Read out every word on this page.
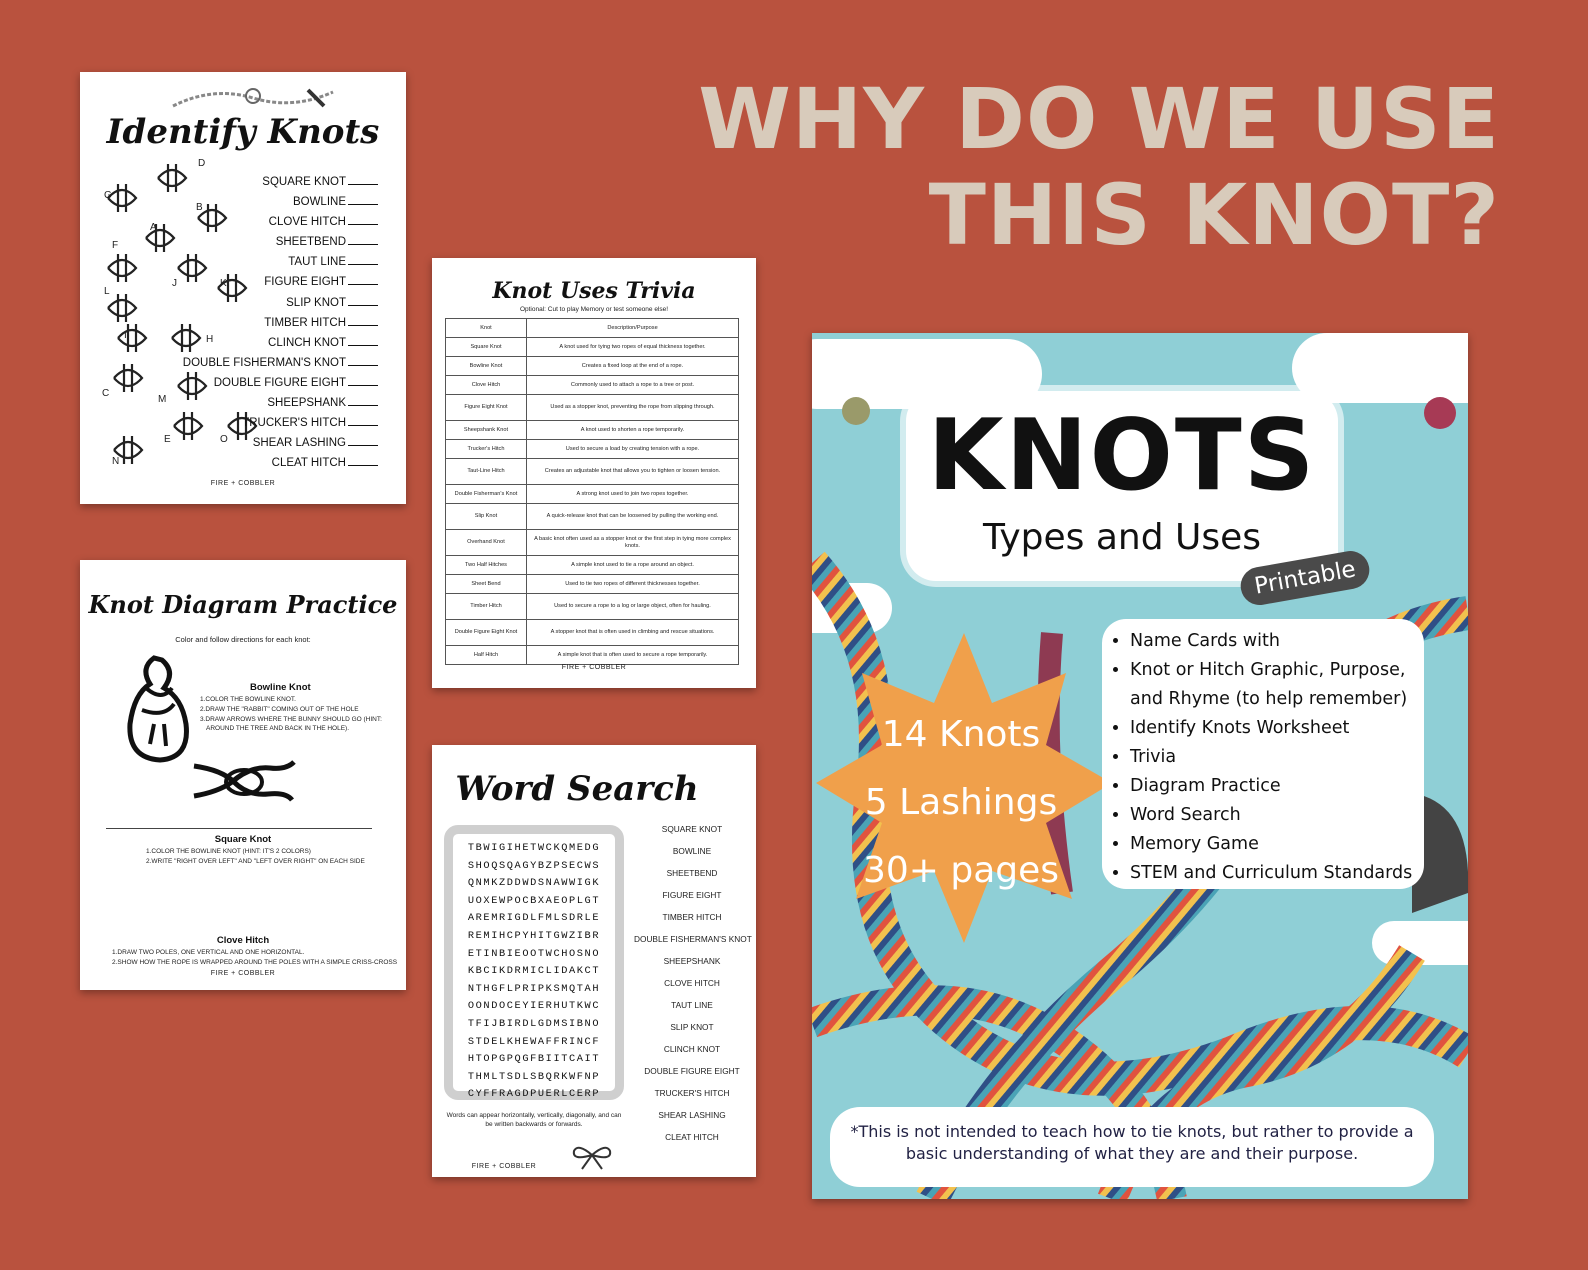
WHY DO WE USE
THIS KNOT?
Identify Knots
SQUARE KNOT
BOWLINE
CLOVE HITCH
SHEETBEND
TAUT LINE
FIGURE EIGHT
SLIP KNOT
TIMBER HITCH
CLINCH KNOT
DOUBLE FISHERMAN'S KNOT
DOUBLE FIGURE EIGHT
SHEEPSHANK
TRUCKER'S HITCH
SHEAR LASHING
CLEAT HITCH
D
G
B
A
F
J	K
L
I	H
C
M
E	O
N
FIRE + COBBLER
Knot Diagram Practice
Color and follow directions for each knot:
Bowline Knot
1.COLOR THE BOWLINE KNOT.
2.DRAW THE "RABBIT" COMING OUT OF THE HOLE
3.DRAW ARROWS WHERE THE BUNNY SHOULD GO (HINT:
AROUND THE TREE AND BACK IN THE HOLE).
Square Knot
1.COLOR THE BOWLINE KNOT (HINT: IT'S 2 COLORS)
2.WRITE "RIGHT OVER LEFT" AND "LEFT OVER RIGHT" ON EACH SIDE
Clove Hitch
1.DRAW TWO POLES, ONE VERTICAL AND ONE HORIZONTAL.
2.SHOW HOW THE ROPE IS WRAPPED AROUND THE POLES WITH A SIMPLE CRISS-CROSS
FIRE + COBBLER
Knot Uses Trivia
Optional: Cut to play Memory or test someone else!
Knot	Description/Purpose
Square Knot	A knot used for tying two ropes of equal thickness together.
Bowline Knot	Creates a fixed loop at the end of a rope.
Clove Hitch	Commonly used to attach a rope to a tree or post.
Figure Eight Knot	Used as a stopper knot, preventing the rope from slipping through.
Sheepshank Knot	A knot used to shorten a rope temporarily.
Trucker's Hitch	Used to secure a load by creating tension with a rope.
Taut-Line Hitch	Creates an adjustable knot that allows you to tighten or loosen tension.
Double Fisherman's Knot	A strong knot used to join two ropes together.
Slip Knot	A quick-release knot that can be loosened by pulling the working end.
Overhand Knot	A basic knot often used as a stopper knot or the first step in tying more complex knots.
Two Half Hitches	A simple knot used to tie a rope around an object.
Sheet Bend	Used to tie two ropes of different thicknesses together.
Timber Hitch	Used to secure a rope to a log or large object, often for hauling.
Double Figure Eight Knot	A stopper knot that is often used in climbing and rescue situations.
Half Hitch	A simple knot that is often used to secure a rope temporarily.
FIRE + COBBLER
Word Search
TBWIGIHETWCKQMEDG
SHOQSQAGYBZPSECWS
QNMKZDDWDSNAWWIGK
UOXEWPOCBXAEOPLGT
AREMRIGDLFMLSDRLE
REMIHCPYHITGWZIBR
ETINBIEOOTWCHOSNO
KBCIKDRMICLIDAKCT
NTHGFLPRIPKSMQTAH
OONDOCEYIERHUTKWC
TFIJBIRDLGDMSIBNO
STDELKHEWAFFRINCF
HTOPGPQGFBIITCAIT
THMLTSDLSBQRKWFNP
CYFFRAGDPUERLCERP
SQUARE KNOT
BOWLINE
SHEETBEND
FIGURE EIGHT
TIMBER HITCH
DOUBLE FISHERMAN'S KNOT
SHEEPSHANK
CLOVE HITCH
TAUT LINE
SLIP KNOT
CLINCH KNOT
DOUBLE FIGURE EIGHT
TRUCKER'S HITCH
SHEAR LASHING
CLEAT HITCH
Words can appear horizontally, vertically, diagonally, and can be written backwards or forwards.
FIRE + COBBLER
KNOTS
Types and Uses
Printable
14 Knots
5 Lashings
30+ pages
• Name Cards with
• Knot or Hitch Graphic, Purpose,
and Rhyme (to help remember)
• Identify Knots Worksheet
• Trivia
• Diagram Practice
• Word Search
• Memory Game
• STEM and Curriculum Standards
*This is not intended to teach how to tie knots, but rather to provide a basic understanding of what they are and their purpose.
